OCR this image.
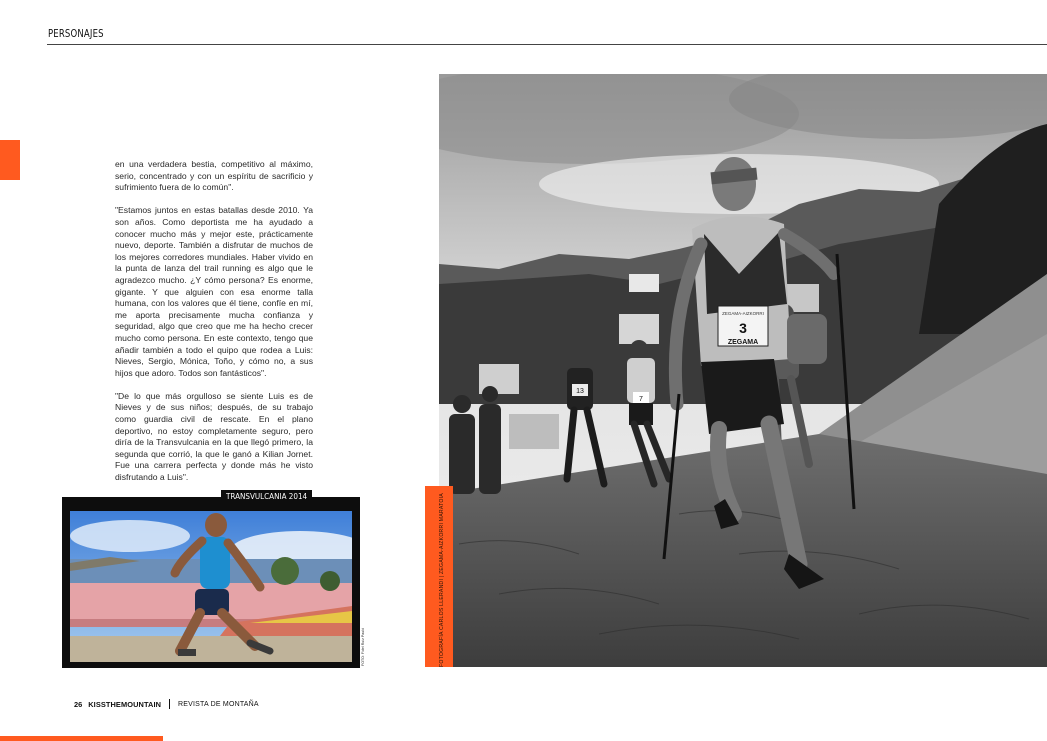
PERSONAJES

en una verdadera bestia, competitivo al máximo, serio, concentrado y con un espíritu de sacrificio y sufrimiento fuera de lo común".

"Estamos juntos en estas batallas desde 2010. Ya son años. Como deportista me ha ayudado a conocer mucho más y mejor este, prácticamente nuevo, deporte. También a disfrutar de muchos de los mejores corredores mundiales. Haber vivido en la punta de lanza del trail running es algo que le agradezco mucho. ¿Y cómo persona? Es enorme, gigante. Y que alguien con esa enorme talla humana, con los valores que él tiene, confíe en mí, me aporta precisamente mucha confianza y seguridad, algo que creo que me ha hecho crecer mucho como persona. En este contexto, tengo que añadir también a todo el quipo que rodea a Luis: Nieves, Sergio, Mónica, Toño, y cómo no, a sus hijos que adoro. Todos son fantásticos".

"De lo que más orgulloso se siente Luis es de Nieves y de sus niños; después, de su trabajo como guardia civil de rescate. En el plano deportivo, no estoy completamente seguro, pero diría de la Transvulcania en la que llegó primero, la segunda que corrió, la que le ganó a Kilian Jornet. Fue una carrera perfecta y donde más he visto disfrutando a Luis".

TRANSVULCANIA 2014
FOTO: Fidel Ruiz Pauló
13
7
3
ZEGAMA-AIZKORRI
ZEGAMA
FOTOGRAFÍA CARLOS LLERANDI | ZEGAMA-AIZKORRI MARATOIA
26 KISSTHEMOUNTAIN REVISTA DE MONTAÑA
